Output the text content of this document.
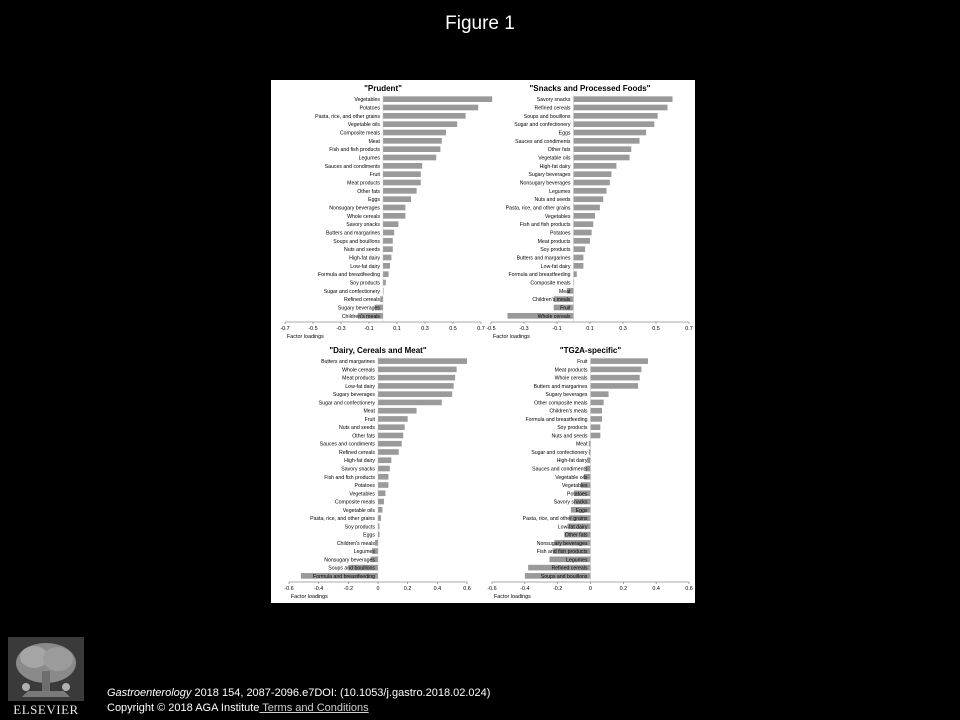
Figure 1
"Prudent"
Vegetables
Potatoes
Pasta, rice, and other grains
Vegetable oils
Composite meals
Meat
Fish and fish products
Legumes
Sauces and condiments
Fruit
Meat products
Other fats
Eggs
Nonsugary beverages
Whole cereals
Savory snacks
Butters and margarines
Soups and bouillons
Nuts and seeds
High-fat dairy
Low-fat dairy
Formula and breastfeeding
Soy products
Sugar and confectionery
Refined cereals
Sugary beverages
Children's meals
-0.7	-0.5	-0.3	-0.1	0.1	0.3	0.5	0.7
Factor loadings
"Snacks and Processed Foods"
Savory snacks
Refined cereals
Soups and bouillons
Sugar and confectionery
Eggs
Sauces and condiments
Other fats
Vegetable oils
High-fat dairy
Sugary beverages
Nonsugary beverages
Legumes
Nuts and seeds
Pasta, rice, and other grains
Vegetables
Fish and fish products
Potatoes
Meat products
Soy products
Butters and margarines
Low-fat dairy
Formula and breastfeeding
Composite meals
Meat
Children's meals
Fruit
Whole cereals
-0.5	-0.3	-0.1	0.1	0.3	0.5	0.7
Factor loadings
"Dairy, Cereals and Meat"
Butters and margarines
Whole cereals
Meat products
Low-fat dairy
Sugary beverages
Sugar and confectionery
Meat
Fruit
Nuts and seeds
Other fats
Sauces and condiments
Refined cereals
High-fat dairy
Savory snacks
Fish and fish products
Potatoes
Vegetables
Composite meals
Vegetable oils
Pasta, rice, and other grains
Soy products
Eggs
Children's meals
Legumes
Nonsugary beverages
Soups and bouillons
Formula and breastfeeding
-0.6	-0.4	-0.2	0	0.2	0.4	0.6
Factor loadings
"TG2A-specific"
Fruit
Meat products
Whole cereals
Butters and margarines
Sugary beverages
Other composite meals
Children's meals
Formula and breastfeeding
Soy products
Nuts and seeds
Meat
Sugar and confectionery
High-fat dairy
Sauces and condiments
Vegetable oils
Vegetables
Potatoes
Savory snacks
Eggs
Pasta, rice, and other grains
Low-fat dairy
Other fats
Nonsugary beverages
Fish and fish products
Legumes
Refined cereals
Soups and bouillons
-0.6	-0.4	-0.2	0	0.2	0.4	0.6
Factor loadings
ELSEVIER
Gastroenterology 2018 154, 2087-2096.e7DOI: (10.1053/j.gastro.2018.02.024)
Copyright © 2018 AGA Institute Terms and Conditions
